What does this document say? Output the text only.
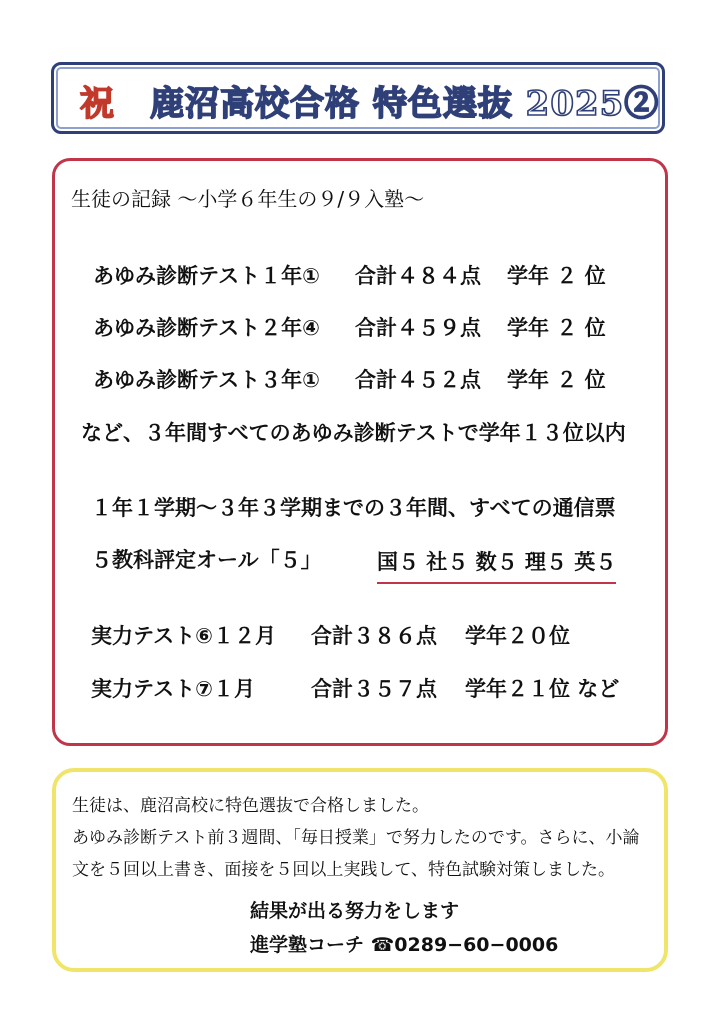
祝 鹿沼高校合格 特色選抜 2025②
生徒の記録 ～小学６年生の９/９入塾～
あゆみ診断テスト１年① 合計４８４点 学年 ２ 位
あゆみ診断テスト２年④ 合計４５９点 学年 ２ 位
あゆみ診断テスト３年① 合計４５２点 学年 ２ 位
など、３年間すべてのあゆみ診断テストで学年１３位以内
１年１学期～３年３学期までの３年間、すべての通信票
５教科評定オール「５」	国５ 社５ 数５ 理５ 英５
実力テスト⑥１２月 合計３８６点 学年２０位
実力テスト⑦１月	合計３５７点 学年２１位 など
生徒は、鹿沼高校に特色選抜で合格しました。
あゆみ診断テスト前３週間、「毎日授業」で努力したのです。さらに、小論
文を５回以上書き、面接を５回以上実践して、特色試験対策しました。
結果が出る努力をします
進学塾コーチ ☎0289−60−0006
